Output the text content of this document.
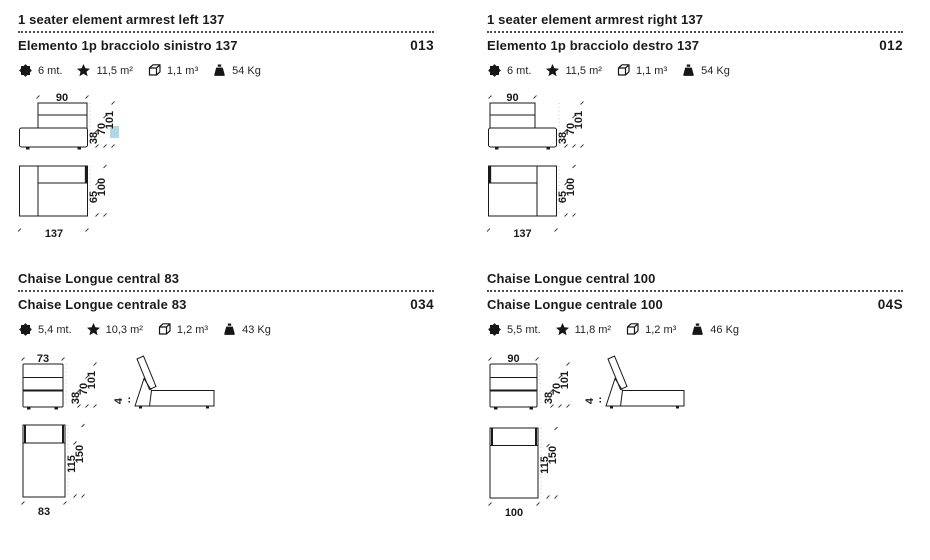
1 seater element armrest left 137
Elemento 1p bracciolo sinistro 137	013
6 mt.	11,5 m²	1,1 m³	54 Kg
90
38
70
101
65
100
137
1 seater element armrest right 137
Elemento 1p bracciolo destro 137	012
6 mt.	11,5 m²	1,1 m³	54 Kg
90
38
70
101
65
100
137
Chaise Longue central 83
Chaise Longue centrale 83	034
5,4 mt.	10,3 m²	1,2 m³	43 Kg
73
38
70
101
4
115
150
83
Chaise Longue central 100
Chaise Longue centrale 100	04S
5,5 mt.	11,8 m²	1,2 m³	46 Kg
90
38
70
101
4
115
150
100
